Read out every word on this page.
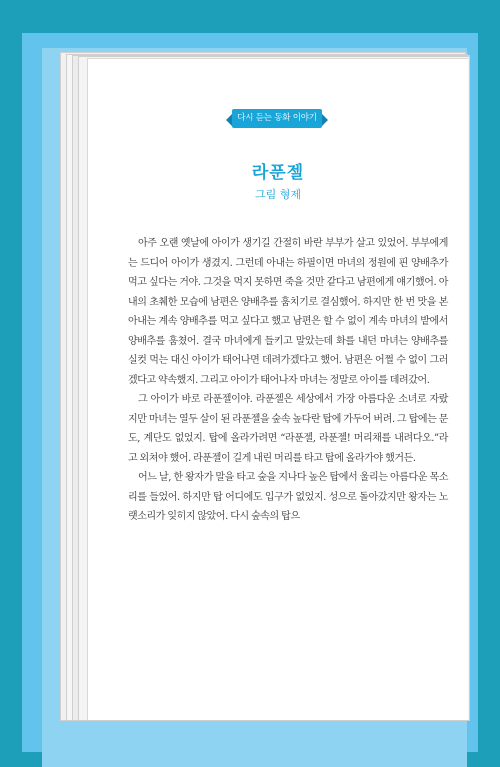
다시 듣는 동화 이야기
라푼젤
그림 형제

아주 오랜 옛날에 아이가 생기길 간절히 바란 부부가 살고 있었어. 부부에게는 드디어 아이가 생겼지. 그런데 아내는 하필이면 마녀의 정원에 핀 양배추가 먹고 싶다는 거야. 그것을 먹지 못하면 죽을 것만 같다고 남편에게 얘기했어. 아내의 초췌한 모습에 남편은 양배추를 훔치기로 결심했어. 하지만 한 번 맛을 본 아내는 계속 양배추를 먹고 싶다고 했고 남편은 할 수 없이 계속 마녀의 밭에서 양배추를 훔쳤어. 결국 마녀에게 들키고 말았는데 화를 내던 마녀는 양배추를 실컷 먹는 대신 아이가 태어나면 데려가겠다고 했어. 남편은 어쩔 수 없이 그러겠다고 약속했지. 그리고 아이가 태어나자 마녀는 정말로 아이를 데려갔어.

그 아이가 바로 라푼젤이야. 라푼젤은 세상에서 가장 아름다운 소녀로 자랐지만 마녀는 열두 살이 된 라푼젤을 숲속 높다란 탑에 가두어 버려. 그 탑에는 문도, 계단도 없었지. 탑에 올라가려면 “라푼젤, 라푼젤! 머리채를 내려다오.”라고 외쳐야 했어. 라푼젤이 길게 내린 머리를 타고 탑에 올라가야 했거든.

어느 날, 한 왕자가 말을 타고 숲을 지나다 높은 탑에서 울리는 아름다운 목소리를 들었어. 하지만 탑 어디에도 입구가 없었지. 성으로 돌아갔지만 왕자는 노랫소리가 잊히지 않았어. 다시 숲속의 탑으
